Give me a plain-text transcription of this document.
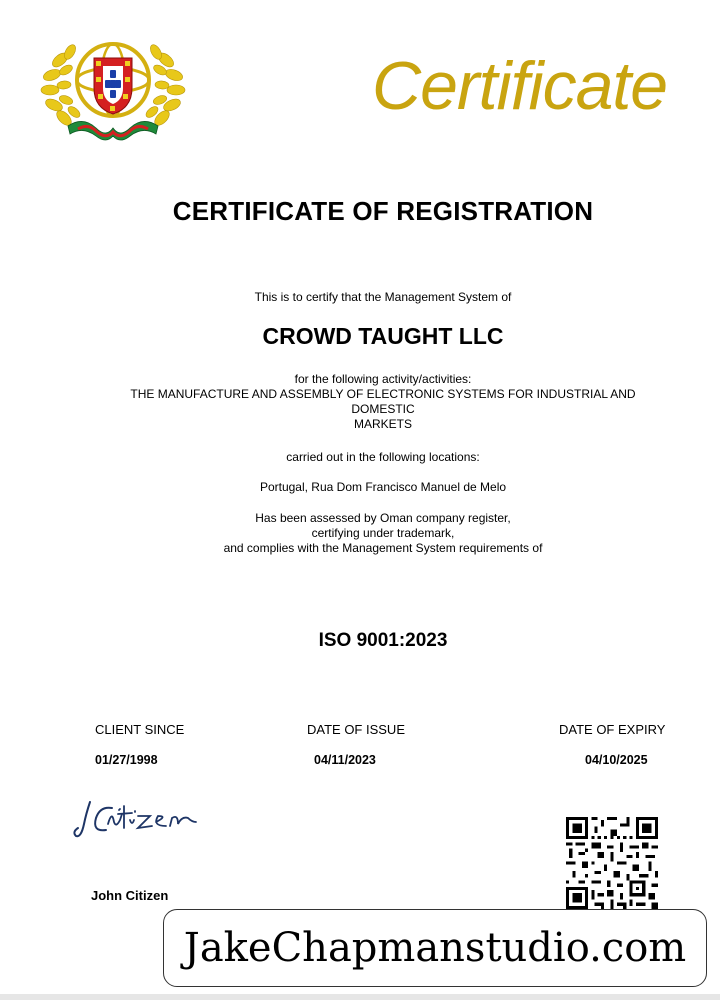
Certificate
CERTIFICATE OF REGISTRATION
This is to certify that the Management System of
CROWD TAUGHT LLC
for the following activity/activities:
THE MANUFACTURE AND ASSEMBLY OF ELECTRONIC SYSTEMS FOR INDUSTRIAL AND
DOMESTIC
MARKETS
carried out in the following locations:
Portugal, Rua Dom Francisco Manuel de Melo
Has been assessed by Oman company register,
certifying under trademark,
and complies with the Management System requirements of
ISO 9001:2023
CLIENT SINCE	DATE OF ISSUE	DATE OF EXPIRY
01/27/1998	04/11/2023	04/10/2025
John Citizen
JakeChapmanstudio.com
